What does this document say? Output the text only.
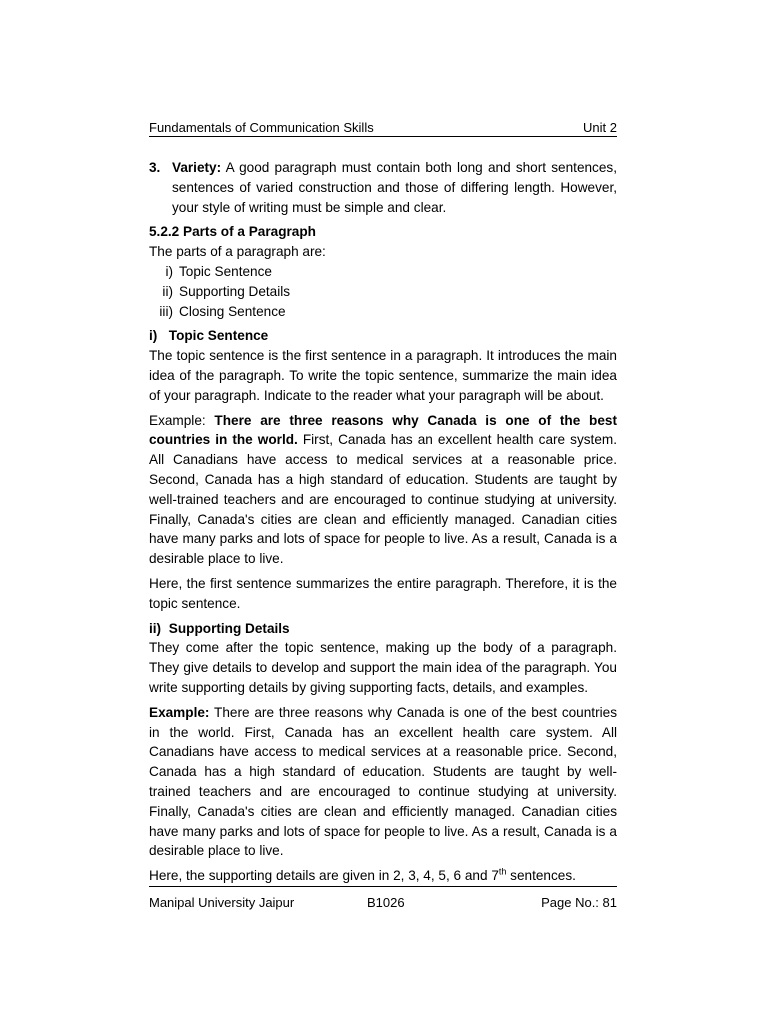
Fundamentals of Communication Skills	Unit 2
3. Variety: A good paragraph must contain both long and short sentences, sentences of varied construction and those of differing length. However, your style of writing must be simple and clear.
5.2.2 Parts of a Paragraph

The parts of a paragraph are:

i) Topic Sentence
ii) Supporting Details
iii) Closing Sentence
i) Topic Sentence

The topic sentence is the first sentence in a paragraph. It introduces the main idea of the paragraph. To write the topic sentence, summarize the main idea of your paragraph. Indicate to the reader what your paragraph will be about.

Example: There are three reasons why Canada is one of the best countries in the world. First, Canada has an excellent health care system. All Canadians have access to medical services at a reasonable price. Second, Canada has a high standard of education. Students are taught by well-trained teachers and are encouraged to continue studying at university. Finally, Canada's cities are clean and efficiently managed. Canadian cities have many parks and lots of space for people to live. As a result, Canada is a desirable place to live.

Here, the first sentence summarizes the entire paragraph. Therefore, it is the topic sentence.

ii) Supporting Details

They come after the topic sentence, making up the body of a paragraph. They give details to develop and support the main idea of the paragraph. You write supporting details by giving supporting facts, details, and examples.

Example: There are three reasons why Canada is one of the best countries in the world. First, Canada has an excellent health care system. All Canadians have access to medical services at a reasonable price. Second, Canada has a high standard of education. Students are taught by well- trained teachers and are encouraged to continue studying at university. Finally, Canada's cities are clean and efficiently managed. Canadian cities have many parks and lots of space for people to live. As a result, Canada is a desirable place to live.

Here, the supporting details are given in 2, 3, 4, 5, 6 and 7th sentences.

Manipal University Jaipur	B1026	Page No.: 81
